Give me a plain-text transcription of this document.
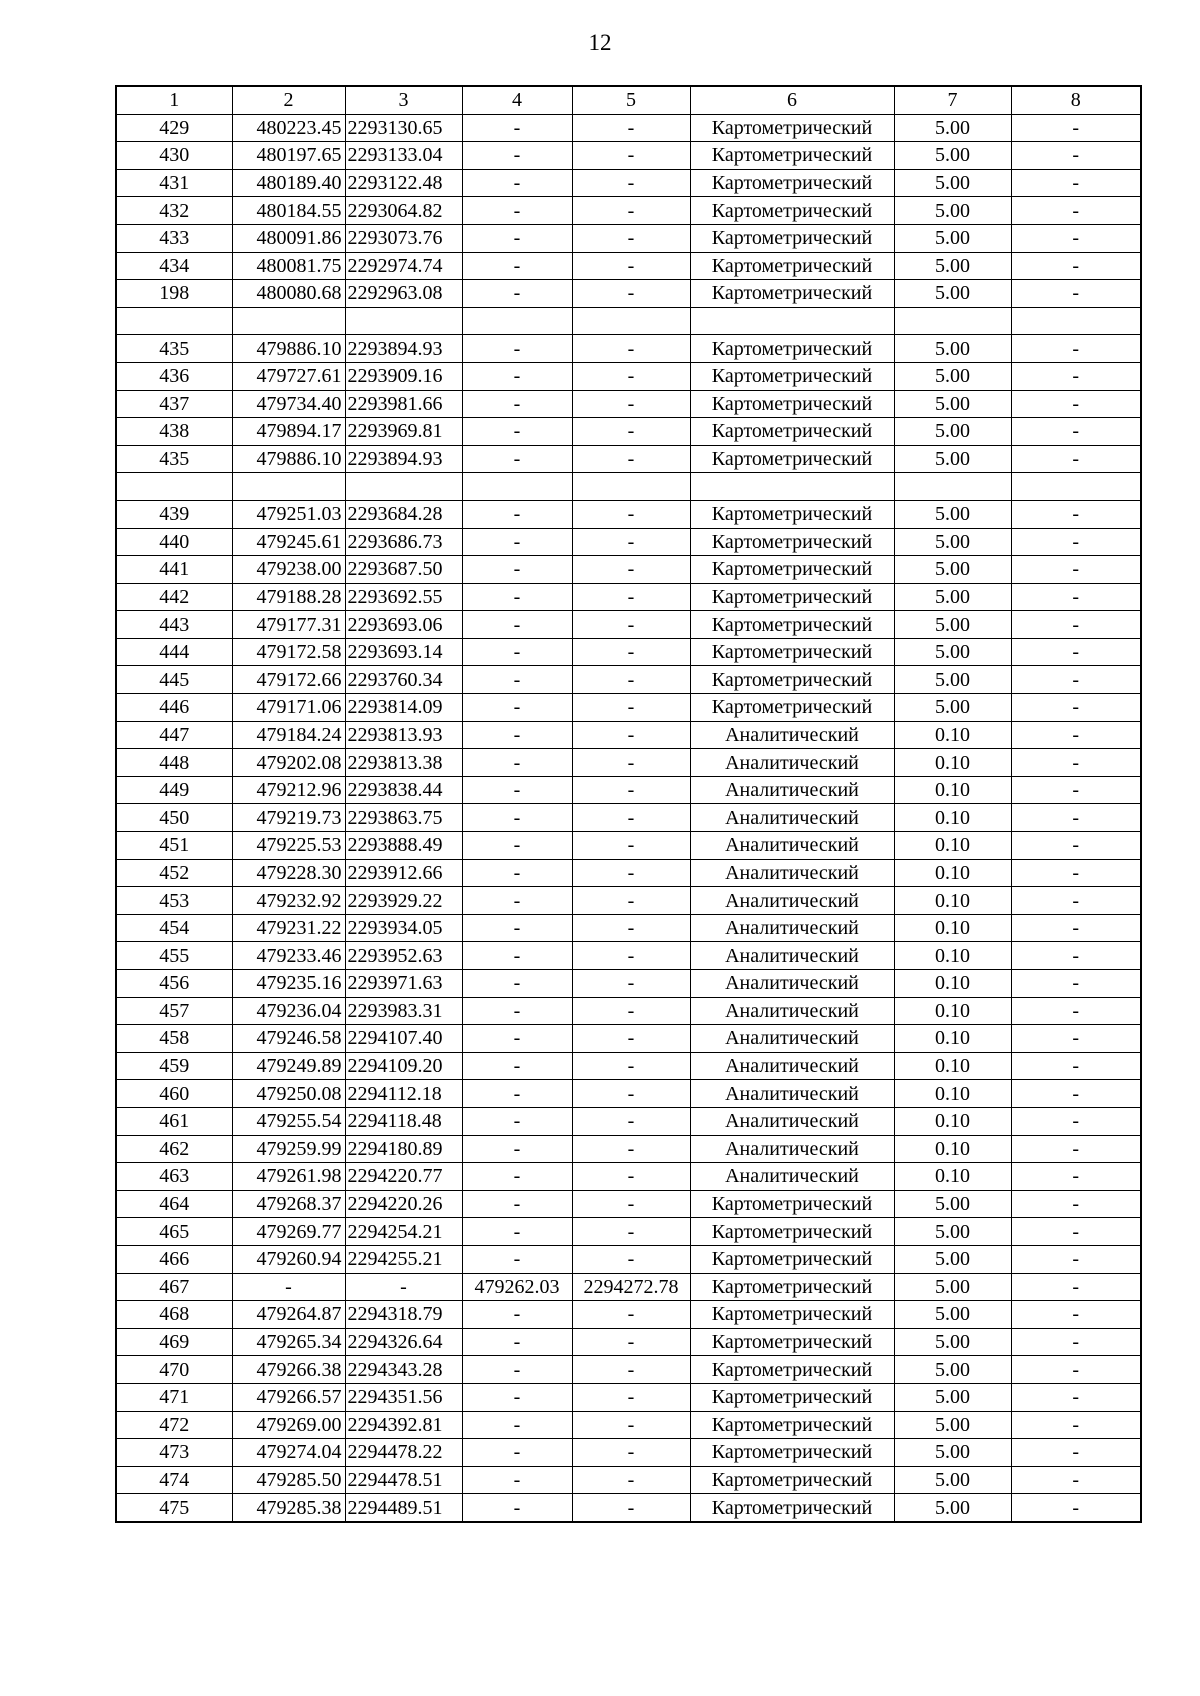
12
1	2	3	4	5	6	7	8
429	480223.45	2293130.65	-	-	Картометрический	5.00	-
430	480197.65	2293133.04	-	-	Картометрический	5.00	-
431	480189.40	2293122.48	-	-	Картометрический	5.00	-
432	480184.55	2293064.82	-	-	Картометрический	5.00	-
433	480091.86	2293073.76	-	-	Картометрический	5.00	-
434	480081.75	2292974.74	-	-	Картометрический	5.00	-
198	480080.68	2292963.08	-	-	Картометрический	5.00	-

435	479886.10	2293894.93	-	-	Картометрический	5.00	-
436	479727.61	2293909.16	-	-	Картометрический	5.00	-
437	479734.40	2293981.66	-	-	Картометрический	5.00	-
438	479894.17	2293969.81	-	-	Картометрический	5.00	-
435	479886.10	2293894.93	-	-	Картометрический	5.00	-

439	479251.03	2293684.28	-	-	Картометрический	5.00	-
440	479245.61	2293686.73	-	-	Картометрический	5.00	-
441	479238.00	2293687.50	-	-	Картометрический	5.00	-
442	479188.28	2293692.55	-	-	Картометрический	5.00	-
443	479177.31	2293693.06	-	-	Картометрический	5.00	-
444	479172.58	2293693.14	-	-	Картометрический	5.00	-
445	479172.66	2293760.34	-	-	Картометрический	5.00	-
446	479171.06	2293814.09	-	-	Картометрический	5.00	-
447	479184.24	2293813.93	-	-	Аналитический	0.10	-
448	479202.08	2293813.38	-	-	Аналитический	0.10	-
449	479212.96	2293838.44	-	-	Аналитический	0.10	-
450	479219.73	2293863.75	-	-	Аналитический	0.10	-
451	479225.53	2293888.49	-	-	Аналитический	0.10	-
452	479228.30	2293912.66	-	-	Аналитический	0.10	-
453	479232.92	2293929.22	-	-	Аналитический	0.10	-
454	479231.22	2293934.05	-	-	Аналитический	0.10	-
455	479233.46	2293952.63	-	-	Аналитический	0.10	-
456	479235.16	2293971.63	-	-	Аналитический	0.10	-
457	479236.04	2293983.31	-	-	Аналитический	0.10	-
458	479246.58	2294107.40	-	-	Аналитический	0.10	-
459	479249.89	2294109.20	-	-	Аналитический	0.10	-
460	479250.08	2294112.18	-	-	Аналитический	0.10	-
461	479255.54	2294118.48	-	-	Аналитический	0.10	-
462	479259.99	2294180.89	-	-	Аналитический	0.10	-
463	479261.98	2294220.77	-	-	Аналитический	0.10	-
464	479268.37	2294220.26	-	-	Картометрический	5.00	-
465	479269.77	2294254.21	-	-	Картометрический	5.00	-
466	479260.94	2294255.21	-	-	Картометрический	5.00	-
467	-	-	479262.03	2294272.78	Картометрический	5.00	-
468	479264.87	2294318.79	-	-	Картометрический	5.00	-
469	479265.34	2294326.64	-	-	Картометрический	5.00	-
470	479266.38	2294343.28	-	-	Картометрический	5.00	-
471	479266.57	2294351.56	-	-	Картометрический	5.00	-
472	479269.00	2294392.81	-	-	Картометрический	5.00	-
473	479274.04	2294478.22	-	-	Картометрический	5.00	-
474	479285.50	2294478.51	-	-	Картометрический	5.00	-
475	479285.38	2294489.51	-	-	Картометрический	5.00	-
